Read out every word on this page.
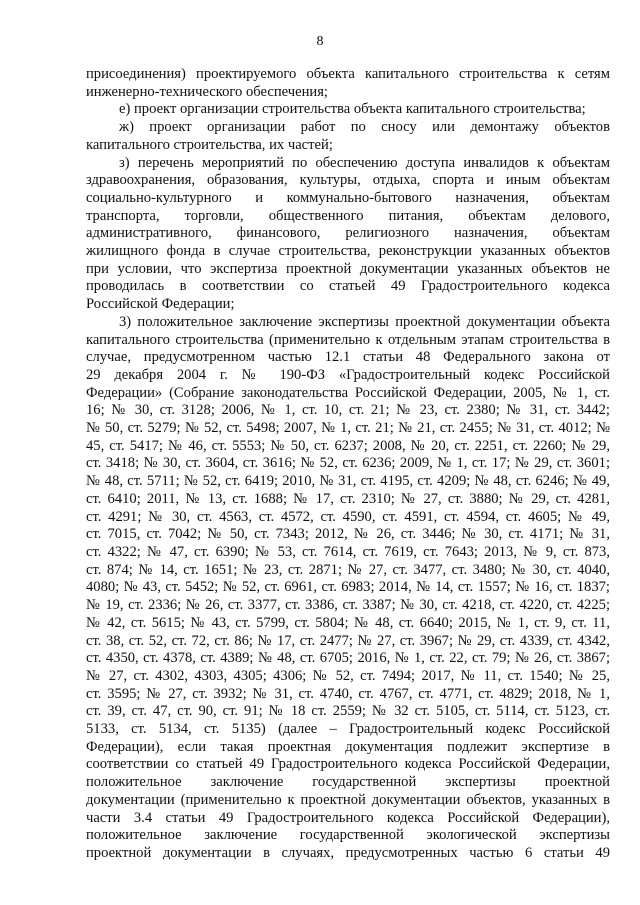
8
присоединения) проектируемого объекта капитального строительства к сетям
инженерно-технического обеспечения;
е) проект организации строительства объекта капитального строительства;
ж) проект организации работ по сносу или демонтажу объектов
капитального строительства, их частей;
з) перечень мероприятий по обеспечению доступа инвалидов к объектам
здравоохранения, образования, культуры, отдыха, спорта и иным объектам
социально-культурного и коммунально-бытового назначения, объектам
транспорта, торговли, общественного питания, объектам делового,
административного, финансового, религиозного назначения, объектам
жилищного фонда в случае строительства, реконструкции указанных объектов
при условии, что экспертиза проектной документации указанных объектов не
проводилась в соответствии со статьей 49 Градостроительного кодекса
Российской Федерации;
3) положительное заключение экспертизы проектной документации объекта
капитального строительства (применительно к отдельным этапам строительства в
случае, предусмотренном частью 12.1 статьи 48 Федерального закона от
29 декабря 2004 г. № 190-ФЗ «Градостроительный кодекс Российской
Федерации» (Собрание законодательства Российской Федерации, 2005, № 1, ст.
16; № 30, ст. 3128; 2006, № 1, ст. 10, ст. 21; № 23, ст. 2380; № 31, ст. 3442;
№ 50, ст. 5279; № 52, ст. 5498; 2007, № 1, ст. 21; № 21, ст. 2455; № 31, ст. 4012; №
45, ст. 5417; № 46, ст. 5553; № 50, ст. 6237; 2008, № 20, ст. 2251, ст. 2260; № 29,
ст. 3418; № 30, ст. 3604, ст. 3616; № 52, ст. 6236; 2009, № 1, ст. 17; № 29, ст. 3601;
№ 48, ст. 5711; № 52, ст. 6419; 2010, № 31, ст. 4195, ст. 4209; № 48, ст. 6246; № 49,
ст. 6410; 2011, № 13, ст. 1688; № 17, ст. 2310; № 27, ст. 3880; № 29, ст. 4281,
ст. 4291; № 30, ст. 4563, ст. 4572, ст. 4590, ст. 4591, ст. 4594, ст. 4605; № 49,
ст. 7015, ст. 7042; № 50, ст. 7343; 2012, № 26, ст. 3446; № 30, ст. 4171; № 31,
ст. 4322; № 47, ст. 6390; № 53, ст. 7614, ст. 7619, ст. 7643; 2013, № 9, ст. 873,
ст. 874; № 14, ст. 1651; № 23, ст. 2871; № 27, ст. 3477, ст. 3480; № 30, ст. 4040,
4080; № 43, ст. 5452; № 52, ст. 6961, ст. 6983; 2014, № 14, ст. 1557; № 16, ст. 1837;
№ 19, ст. 2336; № 26, ст. 3377, ст. 3386, ст. 3387; № 30, ст. 4218, ст. 4220, ст. 4225;
№ 42, ст. 5615; № 43, ст. 5799, ст. 5804; № 48, ст. 6640; 2015, № 1, ст. 9, ст. 11,
ст. 38, ст. 52, ст. 72, ст. 86; № 17, ст. 2477; № 27, ст. 3967; № 29, ст. 4339, ст. 4342,
ст. 4350, ст. 4378, ст. 4389; № 48, ст. 6705; 2016, № 1, ст. 22, ст. 79; № 26, ст. 3867;
№ 27, ст. 4302, 4303, 4305; 4306; № 52, ст. 7494; 2017, № 11, ст. 1540; № 25,
ст. 3595; № 27, ст. 3932; № 31, ст. 4740, ст. 4767, ст. 4771, ст. 4829; 2018, № 1,
ст. 39, ст. 47, ст. 90, ст. 91; № 18 ст. 2559; № 32 ст. 5105, ст. 5114, ст. 5123, ст.
5133, ст. 5134, ст. 5135) (далее – Градостроительный кодекс Российской
Федерации), если такая проектная документация подлежит экспертизе в
соответствии со статьей 49 Градостроительного кодекса Российской Федерации,
положительное заключение государственной экспертизы проектной
документации (применительно к проектной документации объектов, указанных в
части 3.4 статьи 49 Градостроительного кодекса Российской Федерации),
положительное заключение государственной экологической экспертизы
проектной документации в случаях, предусмотренных частью 6 статьи 49
